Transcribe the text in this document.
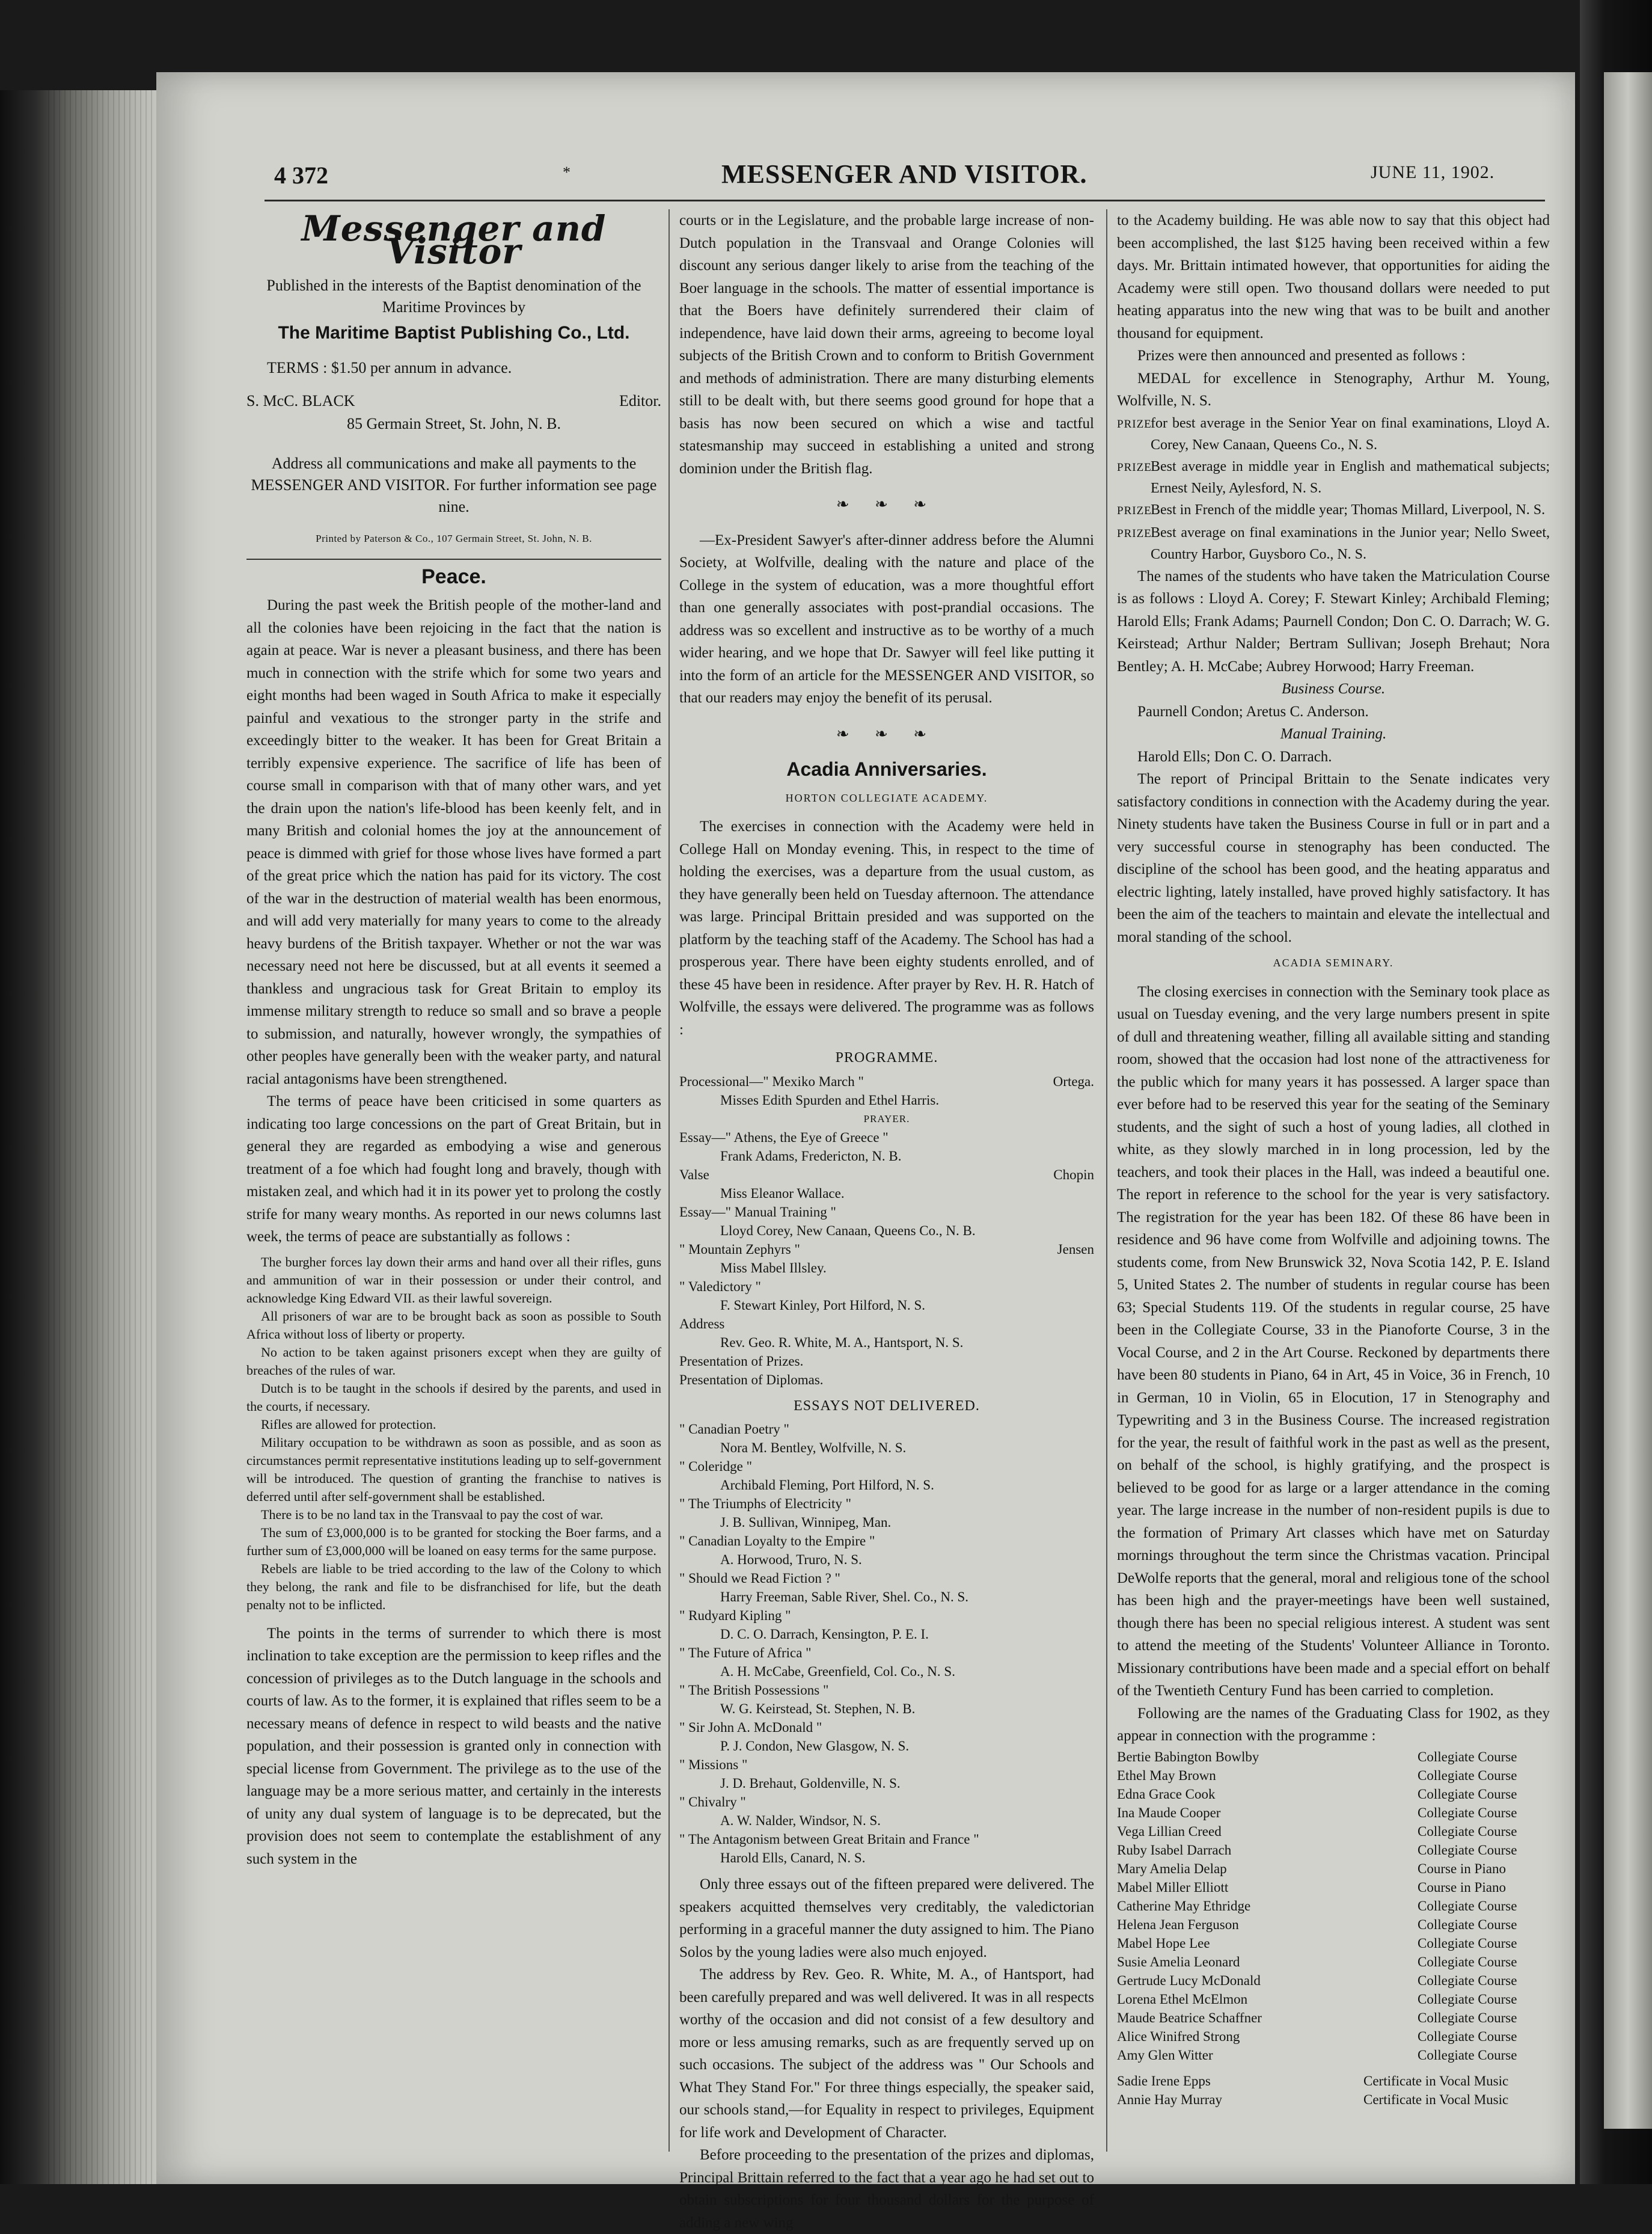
4 372	*	MESSENGER AND VISITOR.	JUNE 11, 1902.
Messenger and Visitor
Published in the interests of the Baptist denomination of the Maritime Provinces by
The Maritime Baptist Publishing Co., Ltd.
TERMS : $1.50 per annum in advance.
S. McC. BLACK	Editor.
85 Germain Street, St. John, N. B.
Address all communications and make all payments to the MESSENGER AND VISITOR. For further information see page nine.
Printed by Paterson & Co., 107 Germain Street, St. John, N. B.
Peace.

During the past week the British people of the mother-land and all the colonies have been rejoicing in the fact that the nation is again at peace. War is never a pleasant business, and there has been much in connection with the strife which for some two years and eight months had been waged in South Africa to make it especially painful and vexatious to the stronger party in the strife and exceedingly bitter to the weaker. It has been for Great Britain a terribly expensive experience. The sacrifice of life has been of course small in comparison with that of many other wars, and yet the drain upon the nation's life-blood has been keenly felt, and in many British and colonial homes the joy at the announcement of peace is dimmed with grief for those whose lives have formed a part of the great price which the nation has paid for its victory. The cost of the war in the destruction of material wealth has been enormous, and will add very materially for many years to come to the already heavy burdens of the British taxpayer. Whether or not the war was necessary need not here be discussed, but at all events it seemed a thankless and ungracious task for Great Britain to employ its immense military strength to reduce so small and so brave a people to submission, and naturally, however wrongly, the sympathies of other peoples have generally been with the weaker party, and natural racial antagonisms have been strengthened.

The terms of peace have been criticised in some quarters as indicating too large concessions on the part of Great Britain, but in general they are regarded as embodying a wise and generous treatment of a foe which had fought long and bravely, though with mistaken zeal, and which had it in its power yet to prolong the costly strife for many weary months. As reported in our news columns last week, the terms of peace are substantially as follows :

The burgher forces lay down their arms and hand over all their rifles, guns and ammunition of war in their possession or under their control, and acknowledge King Edward VII. as their lawful sovereign.

All prisoners of war are to be brought back as soon as possible to South Africa without loss of liberty or property.

No action to be taken against prisoners except when they are guilty of breaches of the rules of war.

Dutch is to be taught in the schools if desired by the parents, and used in the courts, if necessary.

Rifles are allowed for protection.

Military occupation to be withdrawn as soon as possible, and as soon as circumstances permit representative institutions leading up to self-government will be introduced. The question of granting the franchise to natives is deferred until after self-government shall be established.

There is to be no land tax in the Transvaal to pay the cost of war.

The sum of £3,000,000 is to be granted for stocking the Boer farms, and a further sum of £3,000,000 will be loaned on easy terms for the same purpose.

Rebels are liable to be tried according to the law of the Colony to which they belong, the rank and file to be disfranchised for life, but the death penalty not to be inflicted.

The points in the terms of surrender to which there is most inclination to take exception are the permission to keep rifles and the concession of privileges as to the Dutch language in the schools and courts of law. As to the former, it is explained that rifles seem to be a necessary means of defence in respect to wild beasts and the native population, and their possession is granted only in connection with special license from Government. The privilege as to the use of the language may be a more serious matter, and certainly in the interests of unity any dual system of language is to be deprecated, but the provision does not seem to contemplate the establishment of any such system in the

courts or in the Legislature, and the probable large increase of non-Dutch population in the Transvaal and Orange Colonies will discount any serious danger likely to arise from the teaching of the Boer language in the schools. The matter of essential importance is that the Boers have definitely surrendered their claim of independence, have laid down their arms, agreeing to become loyal subjects of the British Crown and to conform to British Government and methods of administration. There are many disturbing elements still to be dealt with, but there seems good ground for hope that a basis has now been secured on which a wise and tactful statesmanship may succeed in establishing a united and strong dominion under the British flag.

❧ ❧ ❧

—Ex-President Sawyer's after-dinner address before the Alumni Society, at Wolfville, dealing with the nature and place of the College in the system of education, was a more thoughtful effort than one generally associates with post-prandial occasions. The address was so excellent and instructive as to be worthy of a much wider hearing, and we hope that Dr. Sawyer will feel like putting it into the form of an article for the MESSENGER AND VISITOR, so that our readers may enjoy the benefit of its perusal.

❧ ❧ ❧
Acadia Anniversaries.
HORTON COLLEGIATE ACADEMY.

The exercises in connection with the Academy were held in College Hall on Monday evening. This, in respect to the time of holding the exercises, was a departure from the usual custom, as they have generally been held on Tuesday afternoon. The attendance was large. Principal Brittain presided and was supported on the platform by the teaching staff of the Academy. The School has had a prosperous year. There have been eighty students enrolled, and of these 45 have been in residence. After prayer by Rev. H. R. Hatch of Wolfville, the essays were delivered. The programme was as follows :

PROGRAMME.
Processional—" Mexiko March "	Ortega.
Misses Edith Spurden and Ethel Harris.
PRAYER.
Essay—" Athens, the Eye of Greece "
Frank Adams, Fredericton, N. B.
Valse	Chopin
Miss Eleanor Wallace.
Essay—" Manual Training "
Lloyd Corey, New Canaan, Queens Co., N. B.
" Mountain Zephyrs "	Jensen
Miss Mabel Illsley.
" Valedictory "
F. Stewart Kinley, Port Hilford, N. S.
Address
Rev. Geo. R. White, M. A., Hantsport, N. S.
Presentation of Prizes.
Presentation of Diplomas.
ESSAYS NOT DELIVERED.
" Canadian Poetry "
Nora M. Bentley, Wolfville, N. S.
" Coleridge "
Archibald Fleming, Port Hilford, N. S.
" The Triumphs of Electricity "
J. B. Sullivan, Winnipeg, Man.
" Canadian Loyalty to the Empire "
A. Horwood, Truro, N. S.
" Should we Read Fiction ? "
Harry Freeman, Sable River, Shel. Co., N. S.
" Rudyard Kipling "
D. C. O. Darrach, Kensington, P. E. I.
" The Future of Africa "
A. H. McCabe, Greenfield, Col. Co., N. S.
" The British Possessions "
W. G. Keirstead, St. Stephen, N. B.
" Sir John A. McDonald "
P. J. Condon, New Glasgow, N. S.
" Missions "
J. D. Brehaut, Goldenville, N. S.
" Chivalry "
A. W. Nalder, Windsor, N. S.
" The Antagonism between Great Britain and France "
Harold Ells, Canard, N. S.

Only three essays out of the fifteen prepared were delivered. The speakers acquitted themselves very creditably, the valedictorian performing in a graceful manner the duty assigned to him. The Piano Solos by the young ladies were also much enjoyed.

The address by Rev. Geo. R. White, M. A., of Hantsport, had been carefully prepared and was well delivered. It was in all respects worthy of the occasion and did not consist of a few desultory and more or less amusing remarks, such as are frequently served up on such occasions. The subject of the address was " Our Schools and What They Stand For." For three things especially, the speaker said, our schools stand,—for Equality in respect to privileges, Equipment for life work and Development of Character.

Before proceeding to the presentation of the prizes and diplomas, Principal Brittain referred to the fact that a year ago he had set out to obtain subscriptions for four thousand dollars for the purpose of adding a new wing

to the Academy building. He was able now to say that this object had been accomplished, the last $125 having been received within a few days. Mr. Brittain intimated however, that opportunities for aiding the Academy were still open. Two thousand dollars were needed to put heating apparatus into the new wing that was to be built and another thousand for equipment.

Prizes were then announced and presented as follows :

MEDAL for excellence in Stenography, Arthur M. Young, Wolfville, N. S.

PRIZE
for best average in the Senior Year on final examinations, Lloyd A. Corey, New Canaan, Queens Co., N. S.
PRIZE
Best average in middle year in English and mathematical subjects; Ernest Neily, Aylesford, N. S.
PRIZE
Best in French of the middle year; Thomas Millard, Liverpool, N. S.
PRIZE
Best average on final examinations in the Junior year; Nello Sweet, Country Harbor, Guysboro Co., N. S.

The names of the students who have taken the Matriculation Course is as follows : Lloyd A. Corey; F. Stewart Kinley; Archibald Fleming; Harold Ells; Frank Adams; Paurnell Condon; Don C. O. Darrach; W. G. Keirstead; Arthur Nalder; Bertram Sullivan; Joseph Brehaut; Nora Bentley; A. H. McCabe; Aubrey Horwood; Harry Freeman.

Business Course.

Paurnell Condon; Aretus C. Anderson.

Manual Training.

Harold Ells; Don C. O. Darrach.

The report of Principal Brittain to the Senate indicates very satisfactory conditions in connection with the Academy during the year. Ninety students have taken the Business Course in full or in part and a very successful course in stenography has been conducted. The discipline of the school has been good, and the heating apparatus and electric lighting, lately installed, have proved highly satisfactory. It has been the aim of the teachers to maintain and elevate the intellectual and moral standing of the school.

ACADIA SEMINARY.

The closing exercises in connection with the Seminary took place as usual on Tuesday evening, and the very large numbers present in spite of dull and threatening weather, filling all available sitting and standing room, showed that the occasion had lost none of the attractiveness for the public which for many years it has possessed. A larger space than ever before had to be reserved this year for the seating of the Seminary students, and the sight of such a host of young ladies, all clothed in white, as they slowly marched in in long procession, led by the teachers, and took their places in the Hall, was indeed a beautiful one. The report in reference to the school for the year is very satisfactory. The registration for the year has been 182. Of these 86 have been in residence and 96 have come from Wolfville and adjoining towns. The students come, from New Brunswick 32, Nova Scotia 142, P. E. Island 5, United States 2. The number of students in regular course has been 63; Special Students 119. Of the students in regular course, 25 have been in the Collegiate Course, 33 in the Pianoforte Course, 3 in the Vocal Course, and 2 in the Art Course. Reckoned by departments there have been 80 students in Piano, 64 in Art, 45 in Voice, 36 in French, 10 in German, 10 in Violin, 65 in Elocution, 17 in Stenography and Typewriting and 3 in the Business Course. The increased registration for the year, the result of faithful work in the past as well as the present, on behalf of the school, is highly gratifying, and the prospect is believed to be good for as large or a larger attendance in the coming year. The large increase in the number of non-resident pupils is due to the formation of Primary Art classes which have met on Saturday mornings throughout the term since the Christmas vacation. Principal DeWolfe reports that the general, moral and religious tone of the school has been high and the prayer-meetings have been well sustained, though there has been no special religious interest. A student was sent to attend the meeting of the Students' Volunteer Alliance in Toronto. Missionary contributions have been made and a special effort on behalf of the Twentieth Century Fund has been carried to completion.

Following are the names of the Graduating Class for 1902, as they appear in connection with the programme :

Bertie Babington Bowlby	Collegiate Course
Ethel May Brown	Collegiate Course
Edna Grace Cook	Collegiate Course
Ina Maude Cooper	Collegiate Course
Vega Lillian Creed	Collegiate Course
Ruby Isabel Darrach	Collegiate Course
Mary Amelia Delap	Course in Piano
Mabel Miller Elliott	Course in Piano
Catherine May Ethridge	Collegiate Course
Helena Jean Ferguson	Collegiate Course
Mabel Hope Lee	Collegiate Course
Susie Amelia Leonard	Collegiate Course
Gertrude Lucy McDonald	Collegiate Course
Lorena Ethel McElmon	Collegiate Course
Maude Beatrice Schaffner	Collegiate Course
Alice Winifred Strong	Collegiate Course
Amy Glen Witter	Collegiate Course
Sadie Irene Epps	Certificate in Vocal Music
Annie Hay Murray	Certificate in Vocal Music
